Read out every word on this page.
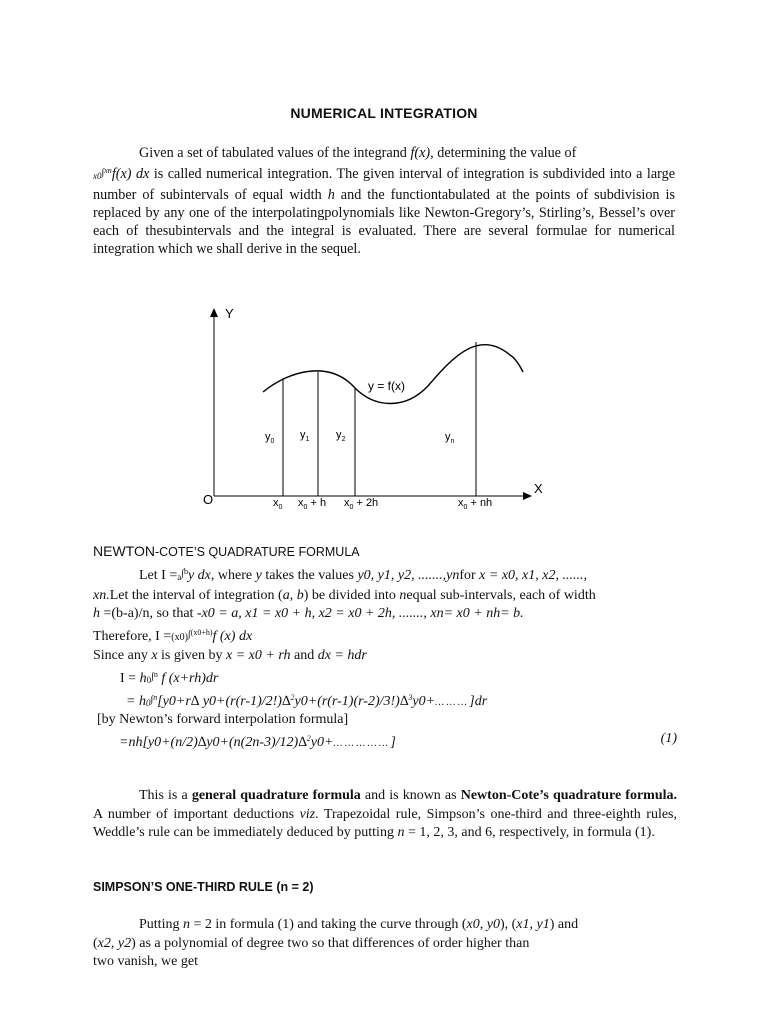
NUMERICAL INTEGRATION
Given a set of tabulated values of the integrand f(x), determining the value of
$x0^{\int xn}f(x)$ dx is called numerical integration. The given interval of integration is subdivided into a large number of subintervals of equal width h and the functiontabulated at the points of subdivision is replaced by any one of the interpolatingpolynomials like Newton-Gregory’s, Stirling’s, Bessel’s over each of thesubintervals and the integral is evaluated. There are several formulae for numerical integration which we shall derive in the sequel.
Y
X
O
y = f(x)
$y_0$
$y_1$ $y_2$	$y_n$
$x_0$ $x_0 + h$ $x_0 + 2h$	$x_0$ + nh
NEWTON-COTE’S QUADRATURE FORMULA
Let $I =a^{\int b}y$ dx, where y takes the values y0, y1, y2, .......,ynfor x = x0, x1, x2, ......,
xn.Let the interval of integration (a, b) be divided into nequal sub-intervals, each of width
h =(b-a)/n, so that -x0 = a, x1 = x0 + h, x2 = x0 + 2h, ......., xn= x0 + nh= b.
Therefore, $I =(x0)^{\int(x0+h)}f$ (x) dx
Since any x is given by x = x0 + rh and dx = hdr
$I = h0^{\int n}$ f (x+rh)dr
= $h0^{\int n}[y0+r\Delta$ y0+(r(r-1)/2!)∆$^2$y0+(r(r-1)(r-2)/3!)∆$^3$y0+… … … ]dr
[by Newton’s forward interpolation formula]
=nh[y0+(n/2)∆y0+(n(2n-3)/12)∆$^2$y0+… … … … … ]	(1)
This is a general quadrature formula and is known as Newton-Cote’s quadrature formula. A number of important deductions viz. Trapezoidal rule, Simpson’s one-third and three-eighth rules, Weddle’s rule can be immediately deduced by putting n = 1, 2, 3, and 6, respectively, in formula (1).
SIMPSON’S ONE-THIRD RULE (n = 2)
Putting n = 2 in formula (1) and taking the curve through (x0, y0), (x1, y1) and
(x2, y2) as a polynomial of degree two so that differences of order higher than
two vanish, we get
